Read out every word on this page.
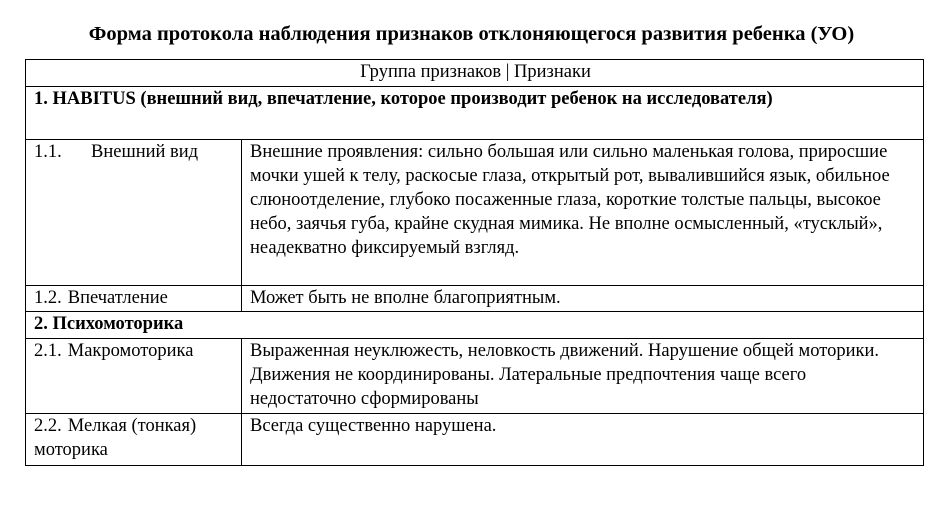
Форма протокола наблюдения признаков отклоняющегося развития ребенка (УО)
Группа признаков | Признаки	
1. HABITUS (внешний вид, впечатление, которое производит ребенок на исследователя)	
1.1. Внешний вид	Внешние проявления: сильно большая или сильно маленькая голова, приросшие мочки ушей к телу, раскосые глаза, открытый рот, вывалившийся язык, обильное слюноотделение, глубоко посаженные глаза, короткие толстые пальцы, высокое небо, заячья губа, крайне скудная мимика. Не вполне осмысленный, «тусклый», неадекватно фиксируемый взгляд.
1.2. Впечатление	Может быть не вполне благоприятным.
2. Психомоторика	
2.1. Макромоторика	Выраженная неуклюжесть, неловкость движений. Нарушение общей моторики. Движения не координированы. Латеральные предпочтения чаще всего недостаточно сформированы
2.2. Мелкая (тонкая) моторика	Всегда существенно нарушена.
